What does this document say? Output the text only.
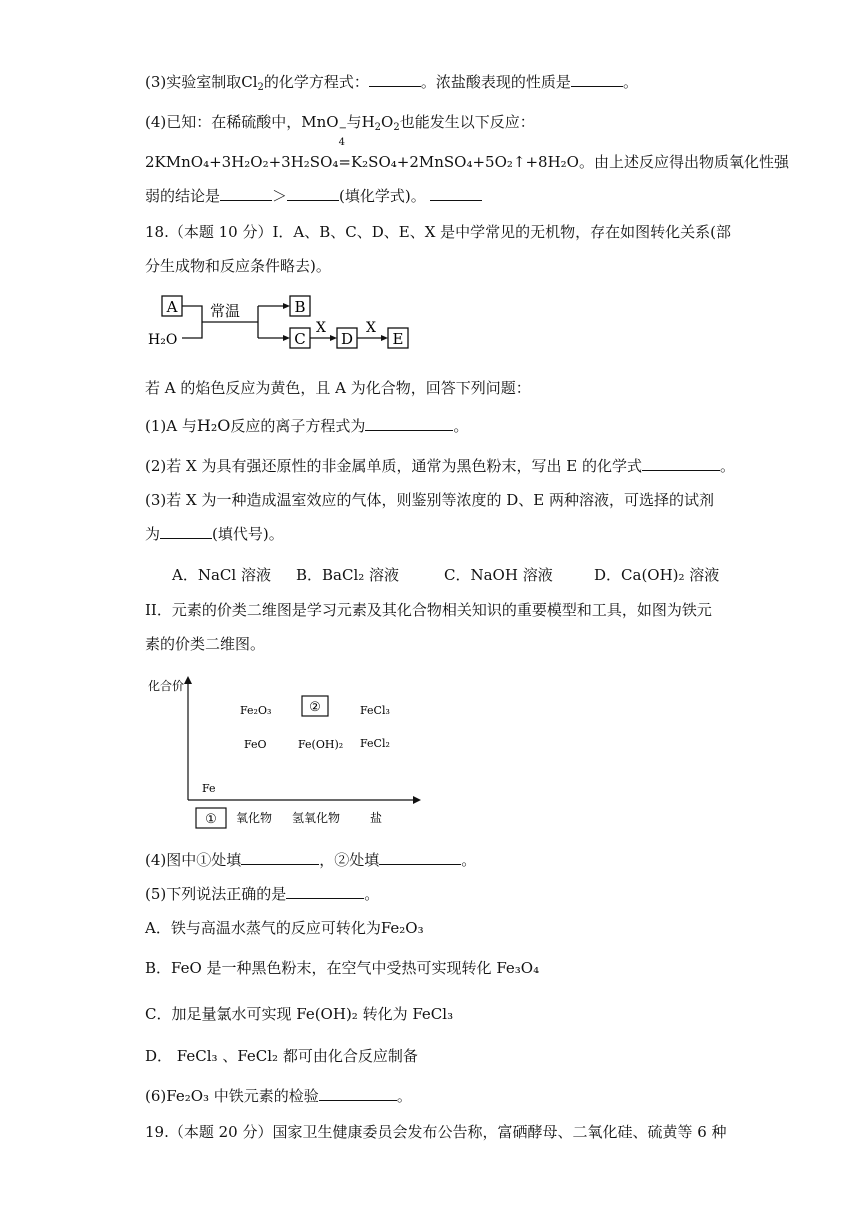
(3)实验室制取$Cl_2$的化学方程式：	。浓盐酸表现的性质是	。
(4)已知：在稀硫酸中，MnO −
4
与$H_2O_2$也能发生以下反应：
2KMnO₄+3H₂O₂+3H₂SO₄=K₂SO₄+2MnSO₄+5O₂↑+8H₂O。由上述反应得出物质氧化性强
弱的结论是	＞	(填化学式)。
18.（本题 10 分）I．A、B、C、D、E、X 是中学常见的无机物，存在如图转化关系(部
分生成物和反应条件略去)。
A	B
C D	E
H₂O
常温
X	X
若 A 的焰色反应为黄色，且 A 为化合物，回答下列问题：
(1)A 与H₂O反应的离子方程式为	。
(2)若 X 为具有强还原性的非金属单质，通常为黑色粉末，写出 E 的化学式	。
(3)若 X 为一种造成温室效应的气体，则鉴别等浓度的 D、E 两种溶液，可选择的试剂
为	(填代号)。
A．NaCl 溶液 B．BaCl₂ 溶液	C．NaOH 溶液	D．Ca(OH)₂ 溶液
II．元素的价类二维图是学习元素及其化合物相关知识的重要模型和工具，如图为铁元
素的价类二维图。
化合价
Fe₂O₃	②	FeCl₃
FeO	Fe(OH)₂ FeCl₂
Fe
① 氧化物 氢氧化物 盐
(4)图中①处填	，②处填	。
(5)下列说法正确的是	。
A．铁与高温水蒸气的反应可转化为Fe₂O₃
B．FeO 是一种黑色粉末，在空气中受热可实现转化 Fe₃O₄
C．加足量氯水可实现 Fe(OH)₂ 转化为 FeCl₃
D． FeCl₃ 、FeCl₂ 都可由化合反应制备
(6)Fe₂O₃ 中铁元素的检验	。
19.（本题 20 分）国家卫生健康委员会发布公告称，富硒酵母、二氧化硅、硫黄等 6 种
